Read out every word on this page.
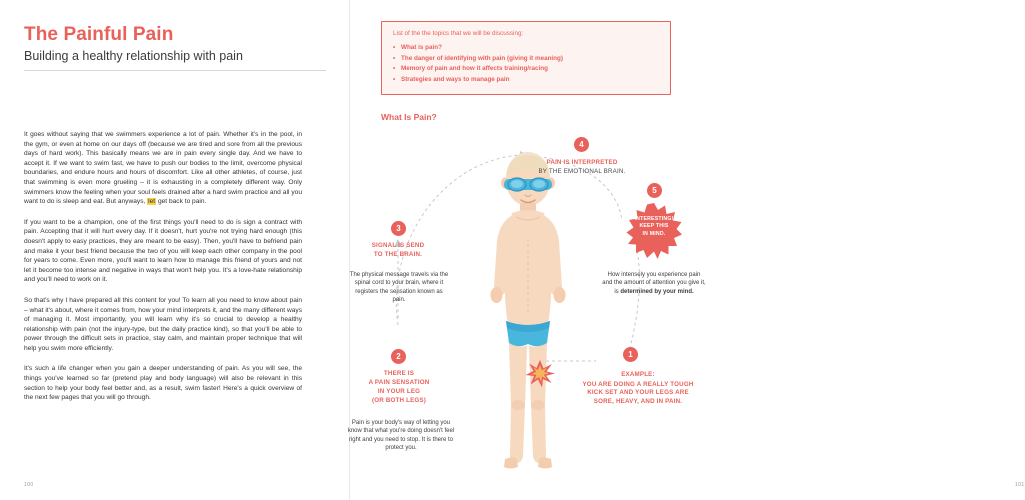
The Painful Pain
Building a healthy relationship with pain

It goes without saying that we swimmers experience a lot of pain. Whether it's in the pool, in the gym, or even at home on our days off (because we are tired and sore from all the previous days of hard work). This basically means we are in pain every single day. And we have to accept it. If we want to swim fast, we have to push our bodies to the limit, overcome physical boundaries, and endure hours and hours of discomfort. Like all other athletes, of course, just that swimming is even more grueling – it is exhausting in a completely different way. Only swimmers know the feeling when your soul feels drained after a hard swim practice and all you want to do is sleep and eat. But anyways, let get back to pain.

If you want to be a champion, one of the first things you'll need to do is sign a contract with pain. Accepting that it will hurt every day. If it doesn't, hurt you're not trying hard enough (this doesn't apply to easy practices, they are meant to be easy). Then, you'll have to befriend pain and make it your best friend because the two of you will keep each other company in the pool for years to come. Even more, you'll want to learn how to manage this friend of yours and not let it become too intense and negative in ways that won't help you. It's a love-hate relationship and you'll need to work on it.

So that's why I have prepared all this content for you! To learn all you need to know about pain – what it's about, where it comes from, how your mind interprets it, and the many different ways of managing it. Most importantly, you will learn why it's so crucial to develop a healthy relationship with pain (not the injury-type, but the daily practice kind), so that you'll be able to power through the difficult sets in practice, stay calm, and maintain proper technique that will help you swim more efficiently.

It's such a life changer when you gain a deeper understanding of pain. As you will see, the things you've learned so far (pretend play and body language) will also be relevant in this section to help your body feel better and, as a result, swim faster! Here's a quick overview of the next few pages that you will go through.

100
List of the the topics that we will be discussing:
• What is pain?
• The danger of identifying with pain (giving it meaning)
• Memory of pain and how it affects training/racing
• Strategies and ways to manage pain
What Is Pain?
101
4
PAIN IS INTERPRETED
BY THE EMOTIONAL BRAIN.
5
INTERESTING!
KEEP THIS
IN MIND.
How intensely you experience pain and the amount of attention you give it, is determined by your mind.
3
SIGNAL IS SEND
TO THE BRAIN.
The physical message travels via the spinal cord to your brain, where it registers the sensation known as pain.
2
THERE IS
A PAIN SENSATION
IN YOUR LEG
(OR BOTH LEGS)
Pain is your body's way of letting you know that what you're doing doesn't feel right and you need to stop. It is there to protect you.
1
EXAMPLE:
YOU ARE DOING A REALLY TOUGH KICK SET AND YOUR LEGS ARE SORE, HEAVY, AND IN PAIN.
